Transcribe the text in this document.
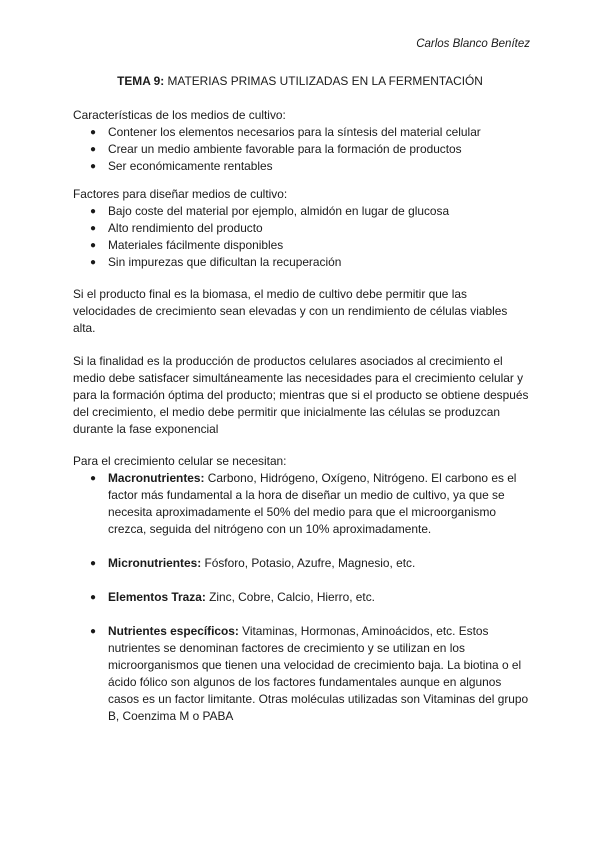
Carlos Blanco Benítez
TEMA 9: MATERIAS PRIMAS UTILIZADAS EN LA FERMENTACIÓN

Características de los medios de cultivo:

● Contener los elementos necesarios para la síntesis del material celular
● Crear un medio ambiente favorable para la formación de productos
● Ser económicamente rentables

Factores para diseñar medios de cultivo:

● Bajo coste del material por ejemplo, almidón en lugar de glucosa
● Alto rendimiento del producto
● Materiales fácilmente disponibles
● Sin impurezas que dificultan la recuperación

Si el producto final es la biomasa, el medio de cultivo debe permitir que las velocidades de crecimiento sean elevadas y con un rendimiento de células viables alta.

Si la finalidad es la producción de productos celulares asociados al crecimiento el medio debe satisfacer simultáneamente las necesidades para el crecimiento celular y para la formación óptima del producto; mientras que si el producto se obtiene después del crecimiento, el medio debe permitir que inicialmente las células se produzcan durante la fase exponencial

Para el crecimiento celular se necesitan:

● Macronutrientes: Carbono, Hidrógeno, Oxígeno, Nitrógeno. El carbono es el factor más fundamental a la hora de diseñar un medio de cultivo, ya que se necesita aproximadamente el 50% del medio para que el microorganismo crezca, seguida del nitrógeno con un 10% aproximadamente.
● Micronutrientes: Fósforo, Potasio, Azufre, Magnesio, etc.
● Elementos Traza: Zinc, Cobre, Calcio, Hierro, etc.
● Nutrientes específicos: Vitaminas, Hormonas, Aminoácidos, etc. Estos nutrientes se denominan factores de crecimiento y se utilizan en los microorganismos que tienen una velocidad de crecimiento baja. La biotina o el ácido fólico son algunos de los factores fundamentales aunque en algunos casos es un factor limitante. Otras moléculas utilizadas son Vitaminas del grupo B, Coenzima M o PABA
